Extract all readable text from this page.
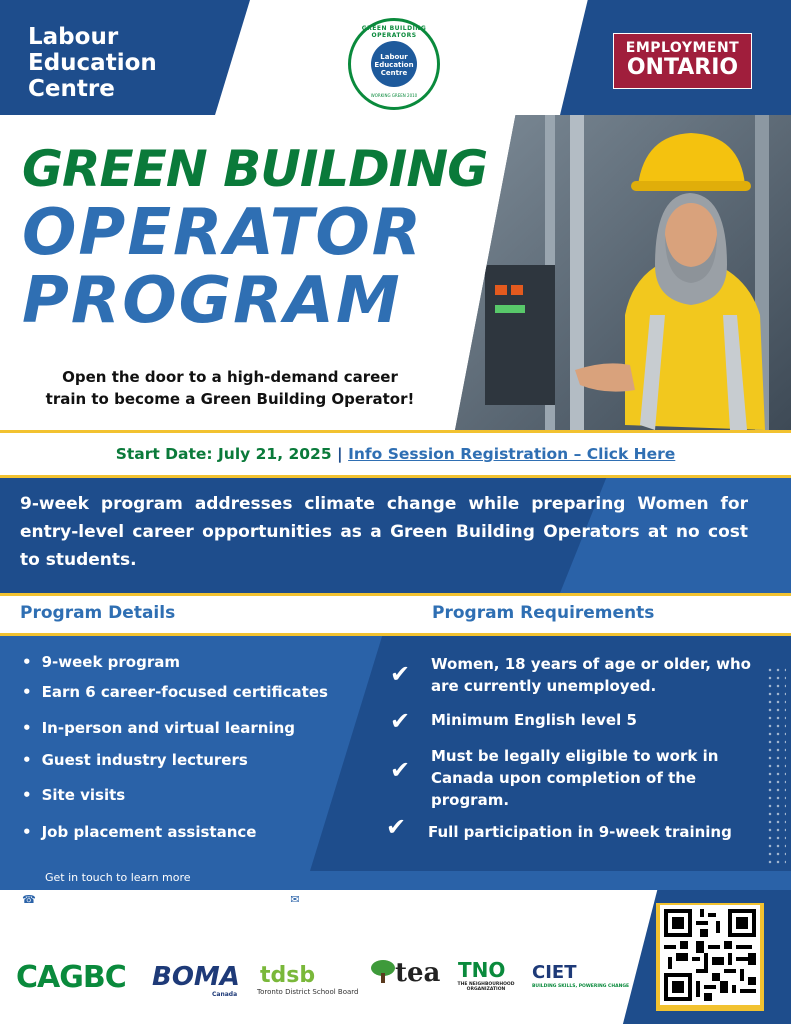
Labour
Education
Centre
GREEN BUILDING OPERATORS
Labour
Education
Centre
WORKING GREEN 2010
EMPLOYMENT
ONTARIO
GREEN BUILDING
OPERATOR
PROGRAM
Open the door to a high-demand career
train to become a Green Building Operator!
Start Date: July 21, 2025 | Info Session Registration – Click Here
9-week program addresses climate change while preparing Women for entry-level career opportunities as a Green Building Operators at no cost to students.
Program Details	Program Requirements
• 9-week program
• Earn 6 career-focused certificates
• In-person and virtual learning
• Guest industry lecturers
• Site visits
• Job placement assistance
✔ Women, 18 years of age or older, who are currently unemployed.
✔ Minimum English level 5
✔ Must be legally eligible to work in Canada upon completion of the program.
✔ Full participation in 9-week training
Get in touch to learn more
☎ 416-537-6532 ext. 2236	✉ ndirie@laboureducation.org
CAGBC BOMA
Canada
tdsb
Toronto District School Board
tea TNO
THE NEIGHBOURHOOD ORGANIZATION
CIET
BUILDING SKILLS, POWERING CHANGE
